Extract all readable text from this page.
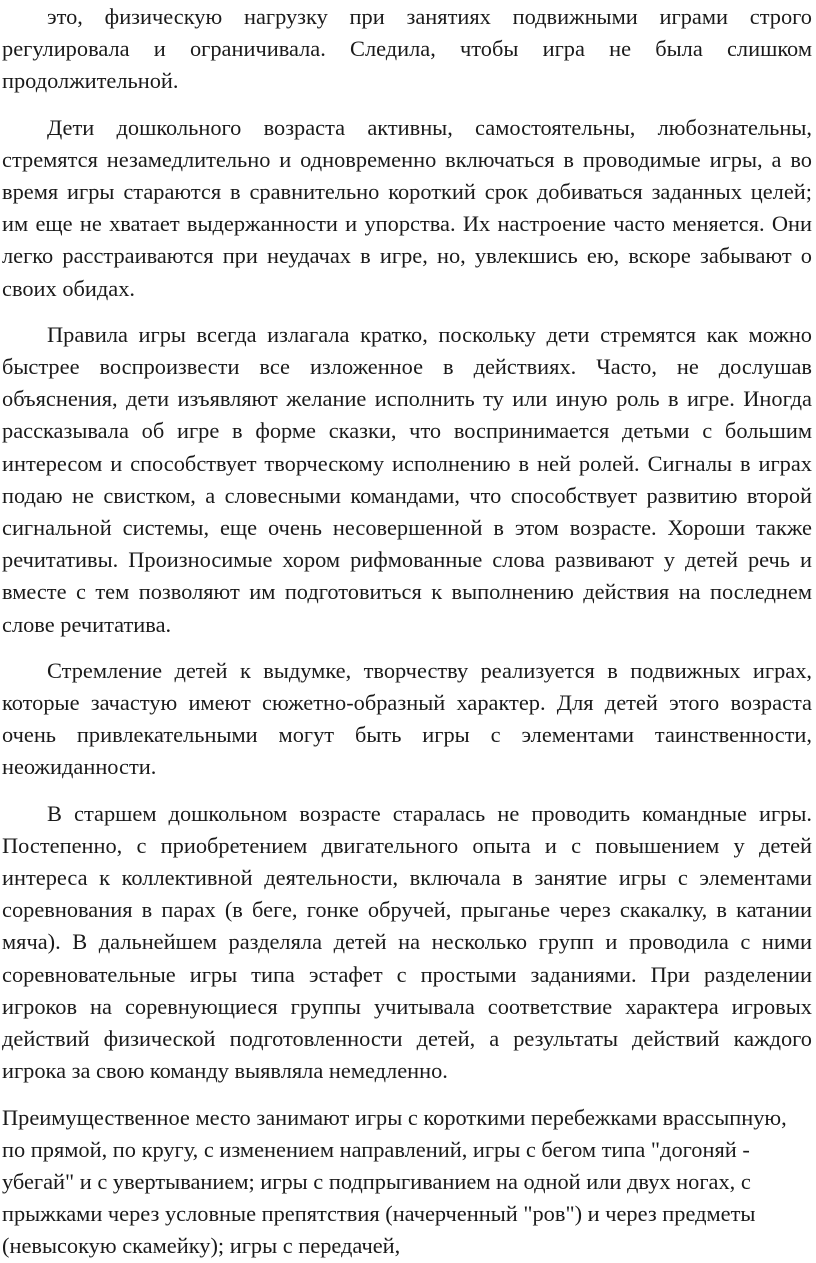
это, физическую нагрузку при занятиях подвижными играми строго регулировала и ограничивала. Следила, чтобы игра не была слишком продолжительной.

Дети дошкольного возраста активны, самостоятельны, любознательны, стремятся незамедлительно и одновременно включаться в проводимые игры, а во время игры стараются в сравнительно короткий срок добиваться заданных целей; им еще не хватает выдержанности и упорства. Их настроение часто меняется. Они легко расстраиваются при неудачах в игре, но, увлекшись ею, вскоре забывают о своих обидах.

Правила игры всегда излагала кратко, поскольку дети стремятся как можно быстрее воспроизвести все изложенное в действиях. Часто, не дослушав объяснения, дети изъявляют желание исполнить ту или иную роль в игре. Иногда рассказывала об игре в форме сказки, что воспринимается детьми с большим интересом и способствует творческому исполнению в ней ролей. Сигналы в играх подаю не свистком, а словесными командами, что способствует развитию второй сигнальной системы, еще очень несовершенной в этом возрасте. Хороши также речитативы. Произносимые хором рифмованные слова развивают у детей речь и вместе с тем позволяют им подготовиться к выполнению действия на последнем слове речитатива.

Стремление детей к выдумке, творчеству реализуется в подвижных играх, которые зачастую имеют сюжетно-образный характер. Для детей этого возраста очень привлекательными могут быть игры с элементами таинственности, неожиданности.

В старшем дошкольном возрасте старалась не проводить командные игры. Постепенно, с приобретением двигательного опыта и с повышением у детей интереса к коллективной деятельности, включала в занятие игры с элементами соревнования в парах (в беге, гонке обручей, прыганье через скакалку, в катании мяча). В дальнейшем разделяла детей на несколько групп и проводила с ними соревновательные игры типа эстафет с простыми заданиями. При разделении игроков на соревнующиеся группы учитывала соответствие характера игровых действий физической подготовленности детей, а результаты действий каждого игрока за свою команду выявляла немедленно.

Преимущественное место занимают игры с короткими перебежками врассыпную, по прямой, по кругу, с изменением направлений, игры с бегом типа "догоняй - убегай" и с увертыванием; игры с подпрыгиванием на одной или двух ногах, с прыжками через условные препятствия (начерченный "ров") и через предметы (невысокую скамейку); игры с передачей,
